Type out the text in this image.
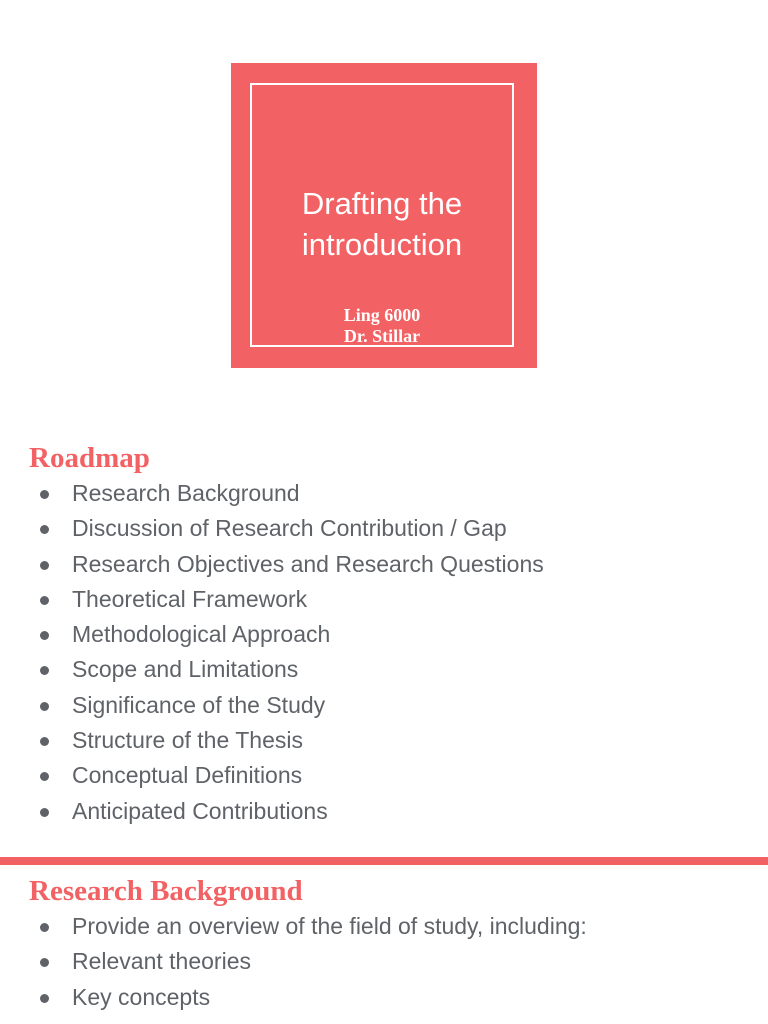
Drafting the
introduction
Ling 6000
Dr. Stillar
Roadmap
Research Background
Discussion of Research Contribution / Gap
Research Objectives and Research Questions
Theoretical Framework
Methodological Approach
Scope and Limitations
Significance of the Study
Structure of the Thesis
Conceptual Definitions
Anticipated Contributions
Research Background
Provide an overview of the field of study, including:
Relevant theories
Key concepts
